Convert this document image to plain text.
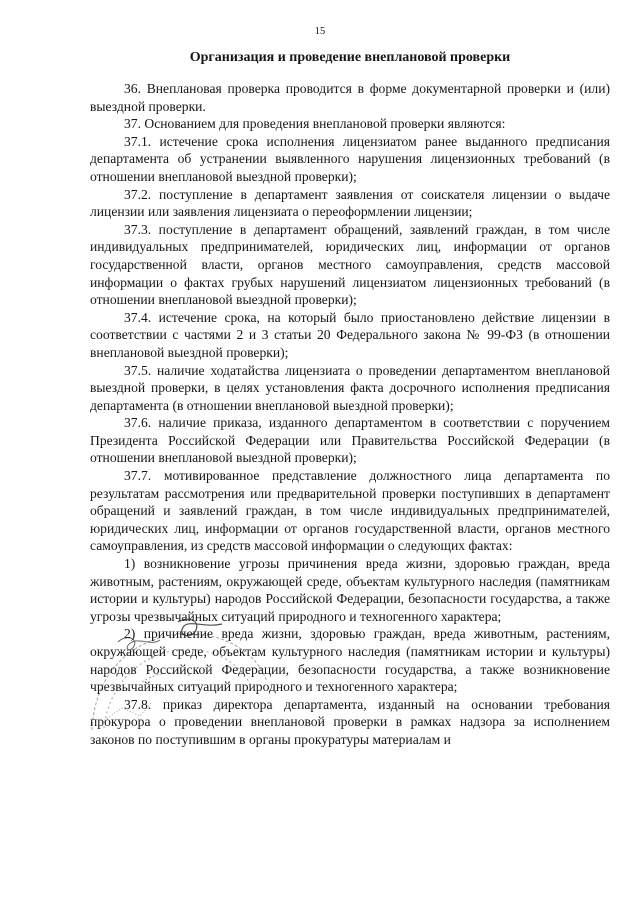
15
Организация и проведение внеплановой проверки

36. Внеплановая проверка проводится в форме документарной проверки и (или) выездной проверки.

37. Основанием для проведения внеплановой проверки являются:

37.1. истечение срока исполнения лицензиатом ранее выданного предписания департамента об устранении выявленного нарушения лицензионных требований (в отношении внеплановой выездной проверки);

37.2. поступление в департамент заявления от соискателя лицензии о выдаче лицензии или заявления лицензиата о переоформлении лицензии;

37.3. поступление в департамент обращений, заявлений граждан, в том числе индивидуальных предпринимателей, юридических лиц, информации от органов государственной власти, органов местного самоуправления, средств массовой информации о фактах грубых нарушений лицензиатом лицензионных требований (в отношении внеплановой выездной проверки);

37.4. истечение срока, на который было приостановлено действие лицензии в соответствии с частями 2 и 3 статьи 20 Федерального закона № 99-ФЗ (в отношении внеплановой выездной проверки);

37.5. наличие ходатайства лицензиата о проведении департаментом внеплановой выездной проверки, в целях установления факта досрочного исполнения предписания департамента (в отношении внеплановой выездной проверки);

37.6. наличие приказа, изданного департаментом в соответствии с поручением Президента Российской Федерации или Правительства Российской Федерации (в отношении внеплановой выездной проверки);

37.7. мотивированное представление должностного лица департамента по результатам рассмотрения или предварительной проверки поступивших в департамент обращений и заявлений граждан, в том числе индивидуальных предпринимателей, юридических лиц, информации от органов государственной власти, органов местного самоуправления, из средств массовой информации о следующих фактах:

1) возникновение угрозы причинения вреда жизни, здоровью граждан, вреда животным, растениям, окружающей среде, объектам культурного наследия (памятникам истории и культуры) народов Российской Федерации, безопасности государства, а также угрозы чрезвычайных ситуаций природного и техногенного характера;

2) причинение вреда жизни, здоровью граждан, вреда животным, растениям, окружающей среде, объектам культурного наследия (памятникам истории и культуры) народов Российской Федерации, безопасности государства, а также возникновение чрезвычайных ситуаций природного и техногенного характера;

37.8. приказ директора департамента, изданный на основании требования прокурора о проведении внеплановой проверки в рамках надзора за исполнением законов по поступившим в органы прокуратуры материалам и
